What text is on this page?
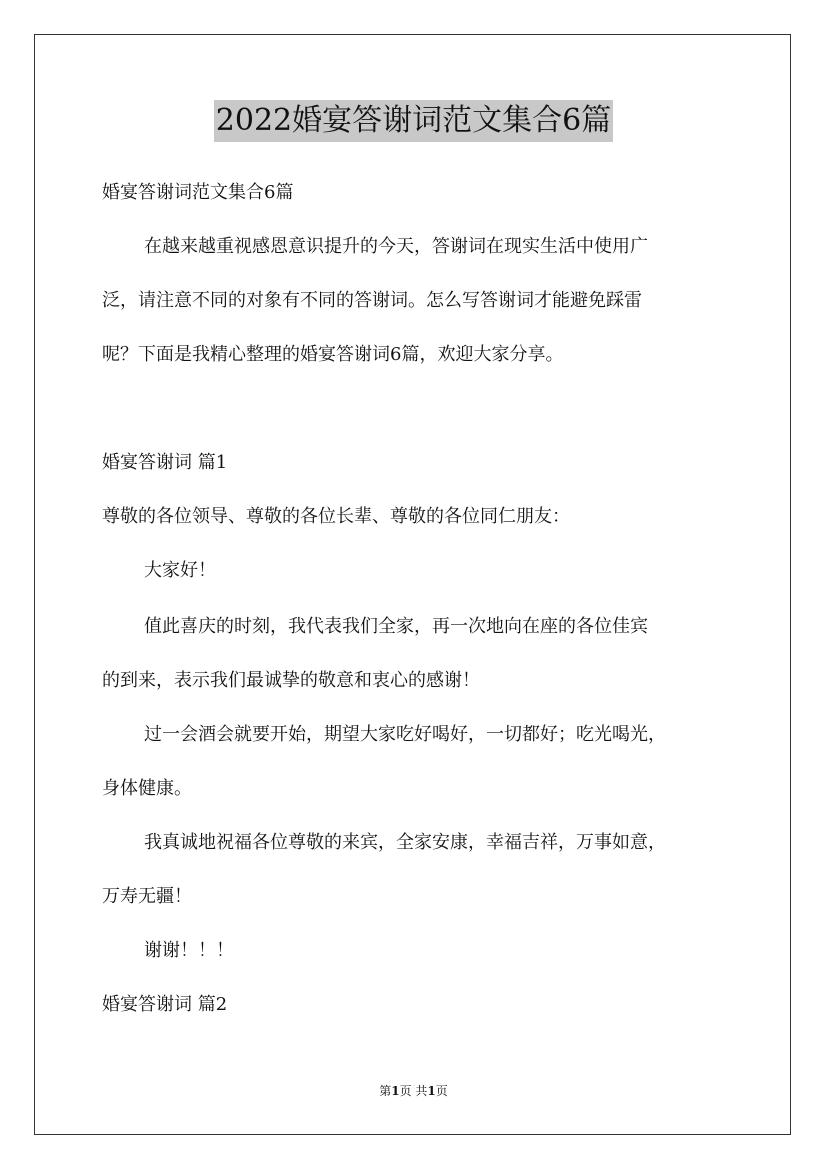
2022婚宴答谢词范文集合6篇
婚宴答谢词范文集合6篇
在越来越重视感恩意识提升的今天，答谢词在现实生活中使用广
泛，请注意不同的对象有不同的答谢词。怎么写答谢词才能避免踩雷
呢？下面是我精心整理的婚宴答谢词6篇，欢迎大家分享。
婚宴答谢词 篇1
尊敬的各位领导、尊敬的各位长辈、尊敬的各位同仁朋友：
大家好！
值此喜庆的时刻，我代表我们全家，再一次地向在座的各位佳宾
的到来，表示我们最诚挚的敬意和衷心的感谢！
过一会酒会就要开始，期望大家吃好喝好，一切都好；吃光喝光，
身体健康。
我真诚地祝福各位尊敬的来宾，全家安康，幸福吉祥，万事如意，
万寿无疆！
谢谢！！！
婚宴答谢词 篇2
第1页 共1页
